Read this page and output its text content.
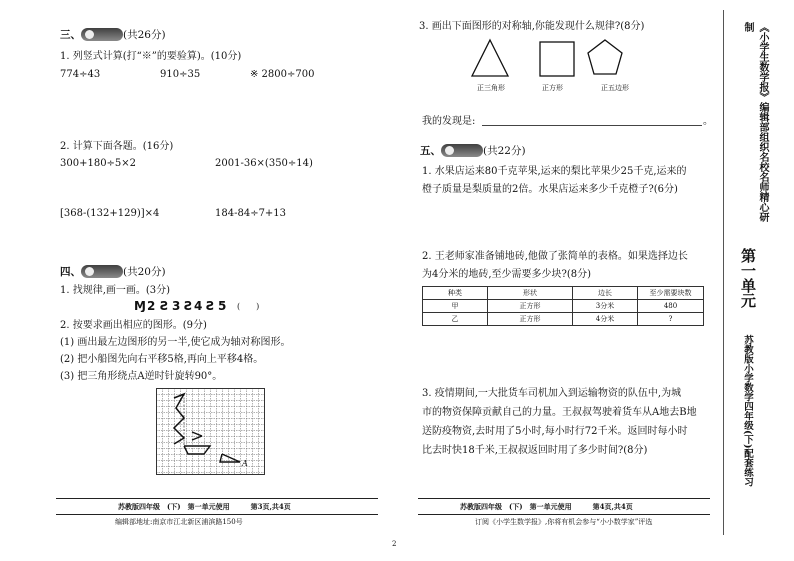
三、	(共26分)
1. 列竖式计算(打“※”的要验算)。(10分)
774÷43	910÷35	※ 2800÷700
2. 计算下面各题。(16分)
300+180÷5×2	2001-36×(350÷14)
[368-(132+129)]×4	184-84÷7+13
四、	(共20分)
1. 找规律,画一画。(3分)
Ɱ 2 Ƨ 3 Ƨ 4 Ƨ 5 (　　)
2. 按要求画出相应的图形。(9分)
(1) 画出最左边图形的另一半,使它成为轴对称图形。
(2) 把小船图先向右平移5格,再向上平移4格。
(3) 把三角形绕点A逆时针旋转90°。
A
苏教版四年级　(下)　第一单元使用　　　第3页,共4页
编辑部地址:南京市江北新区浦滨路150号
2
3. 画出下面图形的对称轴,你能发现什么规律?(8分)
正三角形	正方形	正五边形
我的发现是:	。
五、	(共22分)
1. 水果店运来80千克苹果,运来的梨比苹果少25千克,运来的
橙子质量是梨质量的2倍。水果店运来多少千克橙子?(6分)
2. 王老师家准备铺地砖,他做了张简单的表格。如果选择边长
为4分米的地砖,至少需要多少块?(8分)
种类	形状	边长	至少需要块数
甲	正方形	3分米	480
乙	正方形	4分米	?
3. 疫情期间,一大批货车司机加入到运输物资的队伍中,为城
市的物资保障贡献自己的力量。王叔叔驾驶着货车从A地去B地
送防疫物资,去时用了5小时,每小时行72千米。返回时每小时
比去时快18千米,王叔叔返回时用了多少时间?(8分)
苏教版四年级　(下)　第一单元使用　　　第4页,共4页
订阅《小学生数学报》,你将有机会参与“小小数学家”评选
《小学生数学报》编辑部组织名校名师精心研制
第一单元
苏教版小学数学四年级(下)配套练习
